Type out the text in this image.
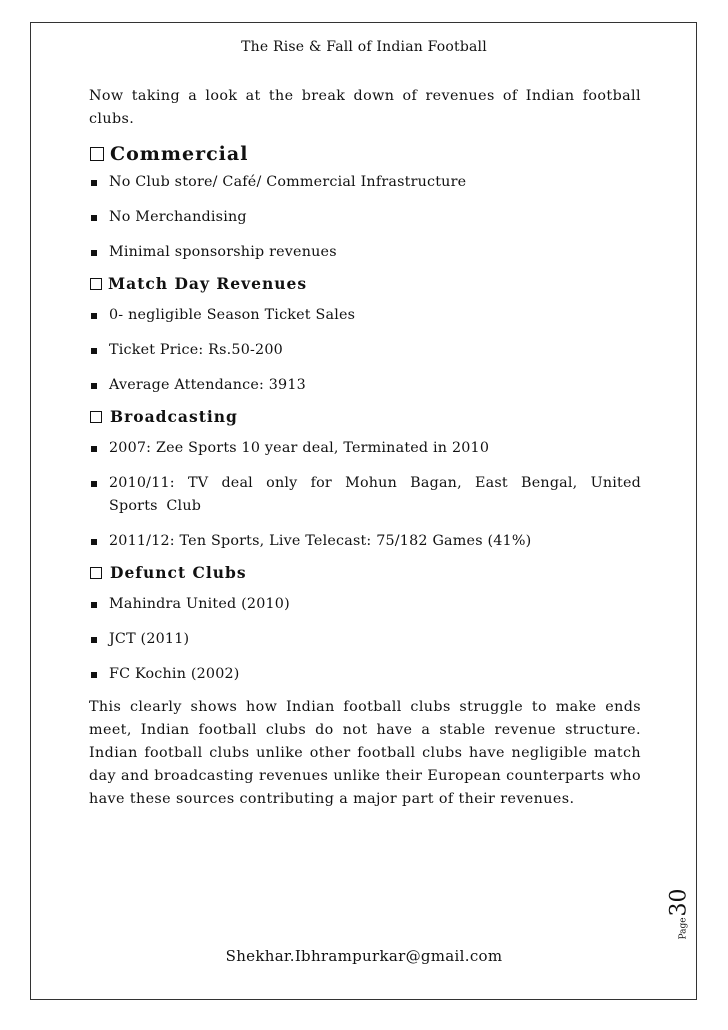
The Rise & Fall of Indian Football

Now taking a look at the break down of revenues of Indian football clubs.

Commercial
No Club store/ Café/ Commercial Infrastructure
No Merchandising
Minimal sponsorship revenues
Match Day Revenues
0- negligible Season Ticket Sales
Ticket Price: Rs.50-200
Average Attendance: 3913
Broadcasting
2007: Zee Sports 10 year deal, Terminated in 2010
2010/11: TV deal only for Mohun Bagan, East Bengal, United Sports Club
2011/12: Ten Sports, Live Telecast: 75/182 Games (41%)
Defunct Clubs
Mahindra United (2010)
JCT (2011)
FC Kochin (2002)

This clearly shows how Indian football clubs struggle to make ends meet, Indian football clubs do not have a stable revenue structure. Indian football clubs unlike other football clubs have negligible match day and broadcasting revenues unlike their European counterparts who have these sources contributing a major part of their revenues.

Page
30
Shekhar.Ibhrampurkar@gmail.com
